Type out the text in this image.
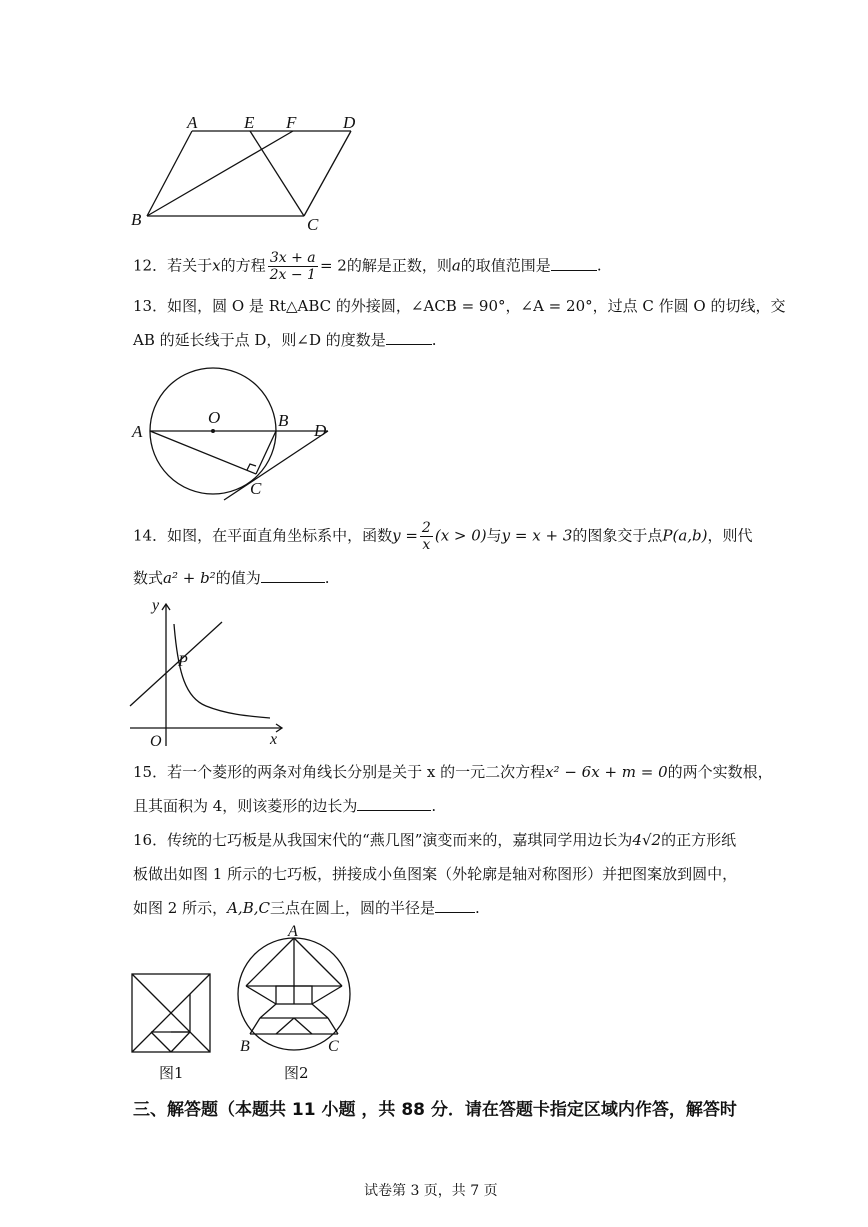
A	E F	D
B	C
12．若关于x的方程 $\frac{3x + a}{2x - 1} = 2$的解是正数，则a的取值范围是	.
13．如图，圆 O 是 Rt△ABC 的外接圆，∠ACB = 90°，∠A = 20°，过点 C 作圆 O 的切线，交
AB 的延长线于点 D，则∠D 的度数是	.
A
O	B
D
C
14．如图，在平面直角坐标系中，函数$y = \frac{2}{x} (x > 0)$与y = x + 3的图象交于点P(a,b)，则代
数式a² + b²的值为	.
y
x
O
P
15．若一个菱形的两条对角线长分别是关于 x 的一元二次方程x² − 6x + m = 0的两个实数根，
且其面积为 4，则该菱形的边长为	.
16．传统的七巧板是从我国宋代的“燕几图”演变而来的，嘉琪同学用边长为4√2的正方形纸
板做出如图 1 所示的七巧板，拼接成小鱼图案（外轮廓是轴对称图形）并把图案放到圆中，
如图 2 所示，A,B,C三点在圆上，圆的半径是	.
图1
A
B	C
图2
三、解答题（本题共 11 小题 ，共 88 分．请在答题卡指定区域内作答，解答时
试卷第 3 页，共 7 页
